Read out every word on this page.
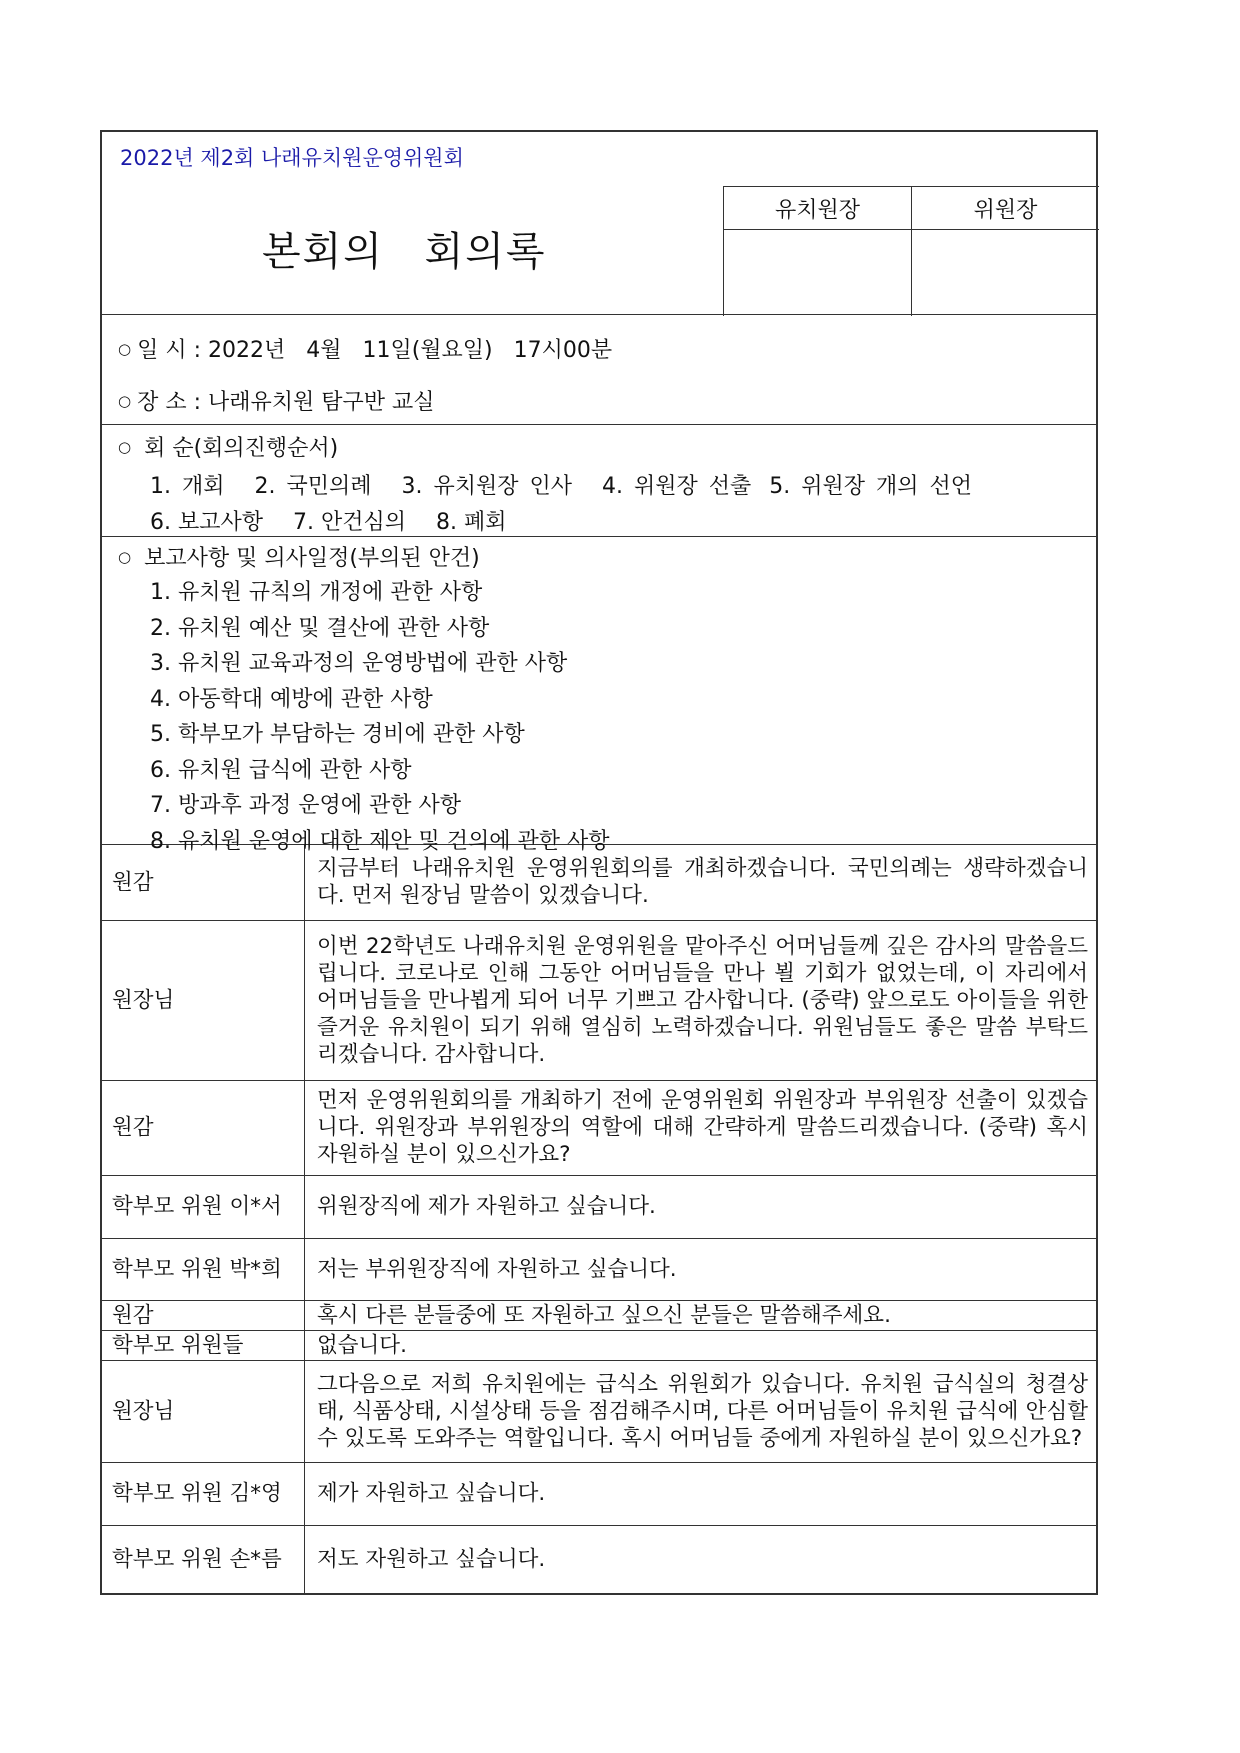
2022년 제2회 나래유치원운영위원회
본회의 회의록
유치원장	위원장
○ 일 시 : 2022년   4월   11일(월요일)   17시00분
○ 장 소 : 나래유치원 탐구반 교실
○ 회 순(회의진행순서)
1. 개회 2. 국민의례 3. 유치원장 인사 4. 위원장 선출 5. 위원장 개의 선언
6. 보고사항 7. 안건심의 8. 폐회
○ 보고사항 및 의사일정(부의된 안건)
1. 유치원 규칙의 개정에 관한 사항
2. 유치원 예산 및 결산에 관한 사항
3. 유치원 교육과정의 운영방법에 관한 사항
4. 아동학대 예방에 관한 사항
5. 학부모가 부담하는 경비에 관한 사항
6. 유치원 급식에 관한 사항
7. 방과후 과정 운영에 관한 사항
8. 유치원 운영에 대한 제안 및 건의에 관한 사항
원감	지금부터 나래유치원 운영위원회의를 개최하겠습니다. 국민의례는 생략하겠습니다. 먼저 원장님 말씀이 있겠습니다.
원장님	이번 22학년도 나래유치원 운영위원을 맡아주신 어머님들께 깊은 감사의 말씀을드립니다. 코로나로 인해 그동안 어머님들을 만나 뵐 기회가 없었는데, 이 자리에서 어머님들을 만나뵙게 되어 너무 기쁘고 감사합니다. (중략) 앞으로도 아이들을 위한 즐거운 유치원이 되기 위해 열심히 노력하겠습니다. 위원님들도 좋은 말씀 부탁드리겠습니다. 감사합니다.
원감	먼저 운영위원회의를 개최하기 전에 운영위원회 위원장과 부위원장 선출이 있겠습니다. 위원장과 부위원장의 역할에 대해 간략하게 말씀드리겠습니다. (중략) 혹시 자원하실 분이 있으신가요?
학부모 위원 이*서	위원장직에 제가 자원하고 싶습니다.
학부모 위원 박*희	저는 부위원장직에 자원하고 싶습니다.
원감	혹시 다른 분들중에 또 자원하고 싶으신 분들은 말씀해주세요.
학부모 위원들	없습니다.
원장님	그다음으로 저희 유치원에는 급식소 위원회가 있습니다. 유치원 급식실의 청결상태, 식품상태, 시설상태 등을 점검해주시며, 다른 어머님들이 유치원 급식에 안심할 수 있도록 도와주는 역할입니다. 혹시 어머님들 중에게 자원하실 분이 있으신가요?
학부모 위원 김*영	제가 자원하고 싶습니다.
학부모 위원 손*름	저도 자원하고 싶습니다.
